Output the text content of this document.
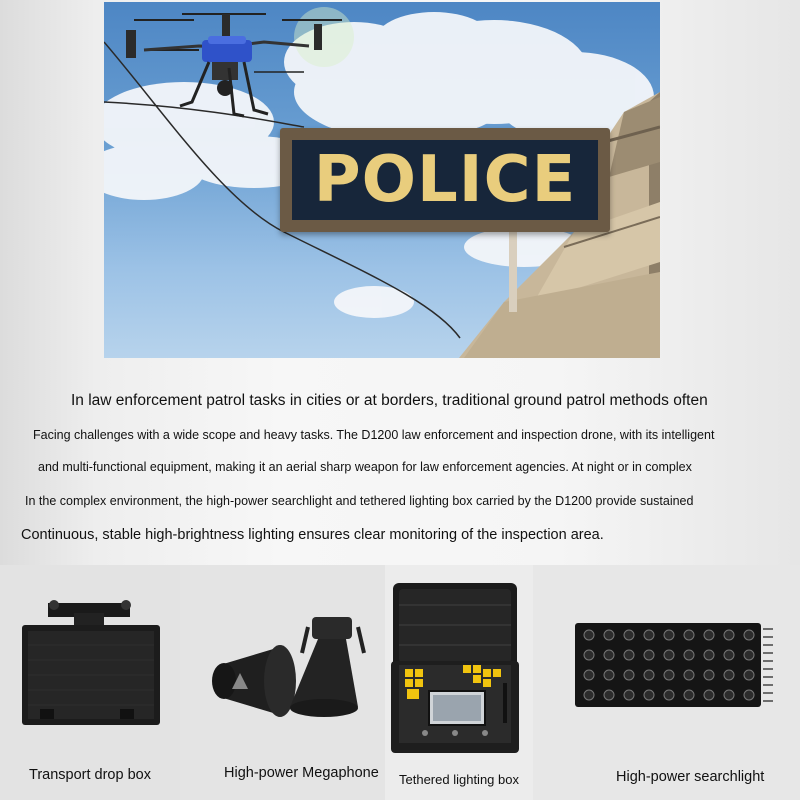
POLICE
In law enforcement patrol tasks in cities or at borders, traditional ground patrol methods often
Facing challenges with a wide scope and heavy tasks. The D1200 law enforcement and inspection drone, with its intelligent
and multi-functional equipment, making it an aerial sharp weapon for law enforcement agencies. At night or in complex
In the complex environment, the high-power searchlight and tethered lighting box carried by the D1200 provide sustained
Continuous, stable high-brightness lighting ensures clear monitoring of the inspection area.
Transport drop box	High-power Megaphone Tethered lighting box	High-power searchlight
